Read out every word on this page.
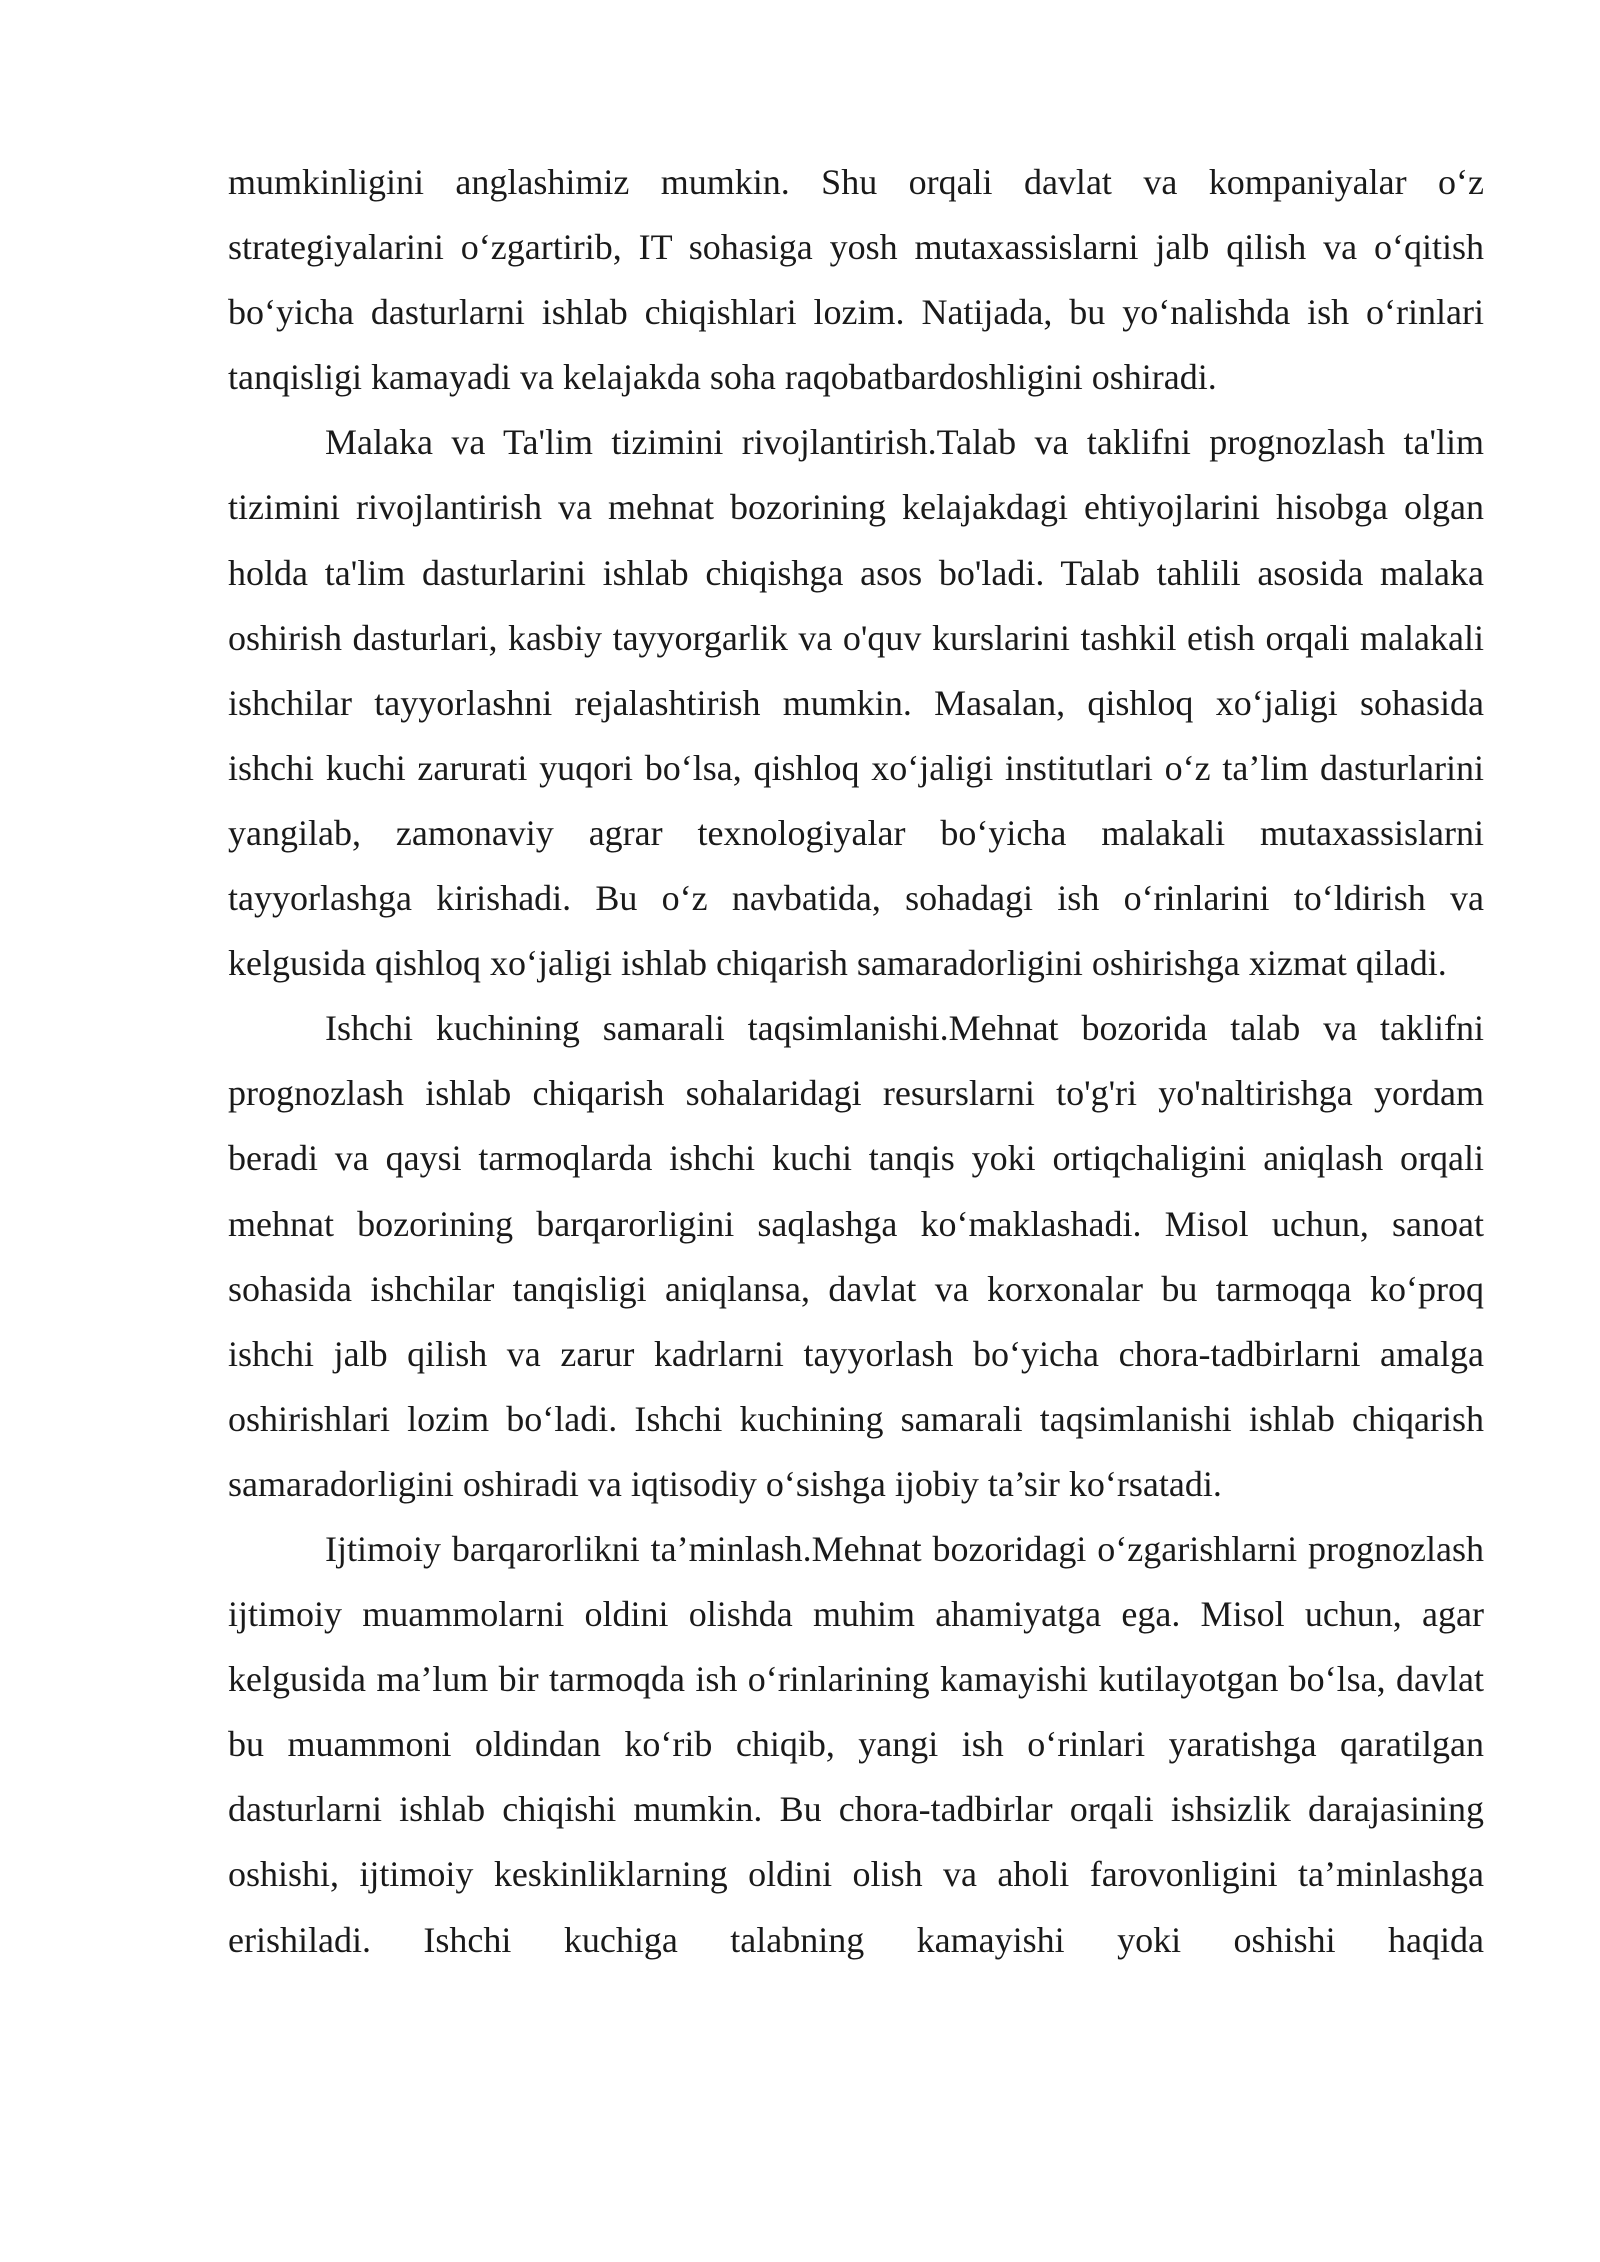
mumkinligini anglashimiz mumkin. Shu orqali davlat va kompaniyalar o‘z strategiyalarini o‘zgartirib, IT sohasiga yosh mutaxassislarni jalb qilish va o‘qitish bo‘yicha dasturlarni ishlab chiqishlari lozim. Natijada, bu yo‘nalishda ish o‘rinlari tanqisligi kamayadi va kelajakda soha raqobatbardoshligini oshiradi.

Malaka va Ta'lim tizimini rivojlantirish.Talab va taklifni prognozlash ta'lim tizimini rivojlantirish va mehnat bozorining kelajakdagi ehtiyojlarini hisobga olgan holda ta'lim dasturlarini ishlab chiqishga asos bo'ladi. Talab tahlili asosida malaka oshirish dasturlari, kasbiy tayyorgarlik va o'quv kurslarini tashkil etish orqali malakali ishchilar tayyorlashni rejalashtirish mumkin. Masalan, qishloq xo‘jaligi sohasida ishchi kuchi zarurati yuqori bo‘lsa, qishloq xo‘jaligi institutlari o‘z ta’lim dasturlarini yangilab, zamonaviy agrar texnologiyalar bo‘yicha malakali mutaxassislarni tayyorlashga kirishadi. Bu o‘z navbatida, sohadagi ish o‘rinlarini to‘ldirish va kelgusida qishloq xo‘jaligi ishlab chiqarish samaradorligini oshirishga xizmat qiladi.

Ishchi kuchining samarali taqsimlanishi.Mehnat bozorida talab va taklifni prognozlash ishlab chiqarish sohalaridagi resurslarni to'g'ri yo'naltirishga yordam beradi va qaysi tarmoqlarda ishchi kuchi tanqis yoki ortiqchaligini aniqlash orqali mehnat bozorining barqarorligini saqlashga ko‘maklashadi. Misol uchun, sanoat sohasida ishchilar tanqisligi aniqlansa, davlat va korxonalar bu tarmoqqa ko‘proq ishchi jalb qilish va zarur kadrlarni tayyorlash bo‘yicha chora-tadbirlarni amalga oshirishlari lozim bo‘ladi. Ishchi kuchining samarali taqsimlanishi ishlab chiqarish samaradorligini oshiradi va iqtisodiy o‘sishga ijobiy ta’sir ko‘rsatadi.

Ijtimoiy barqarorlikni ta’minlash.Mehnat bozoridagi o‘zgarishlarni prognozlash ijtimoiy muammolarni oldini olishda muhim ahamiyatga ega. Misol uchun, agar kelgusida ma’lum bir tarmoqda ish o‘rinlarining kamayishi kutilayotgan bo‘lsa, davlat bu muammoni oldindan ko‘rib chiqib, yangi ish o‘rinlari yaratishga qaratilgan dasturlarni ishlab chiqishi mumkin. Bu chora-tadbirlar orqali ishsizlik darajasining oshishi, ijtimoiy keskinliklarning oldini olish va aholi farovonligini ta’minlashga erishiladi. Ishchi kuchiga talabning kamayishi yoki oshishi haqida
